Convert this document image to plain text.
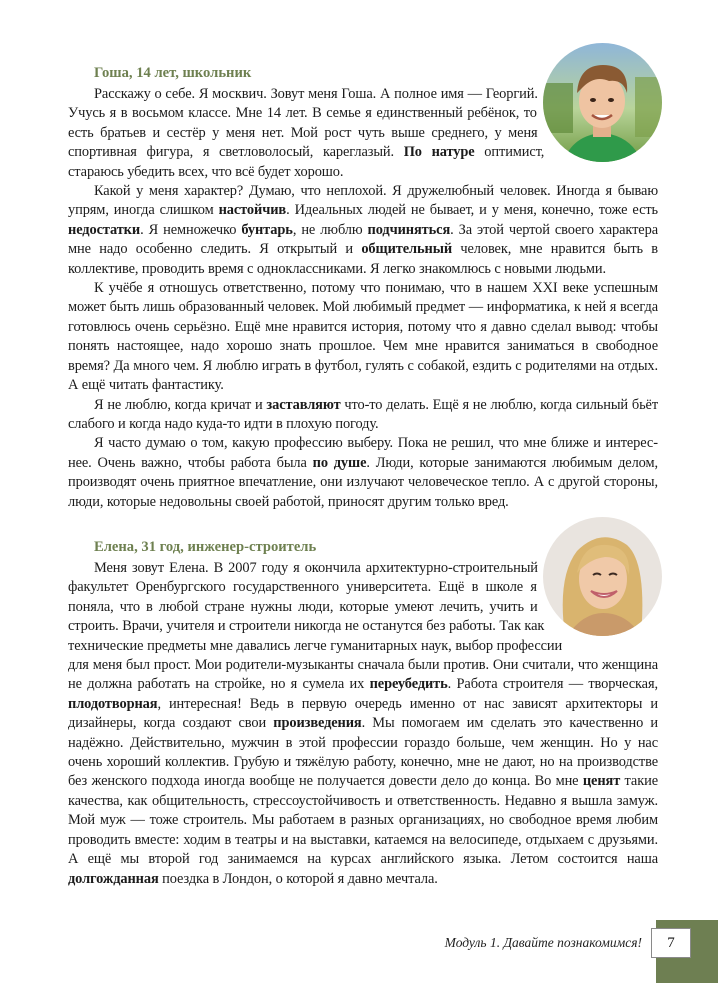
Гоша, 14 лет, школьник

Расскажу о себе. Я москвич. Зовут меня Гоша. А полное имя — Георгий. Учусь я в восьмом классе. Мне 14 лет. В семье я единственный ребёнок, то есть братьев и сестёр у меня нет. Мой рост чуть выше среднего, у меня спортивная фигура, я светловолосый, кареглазый. По натуре оптимист, стараюсь убедить всех, что всё будет хорошо.

Какой у меня характер? Думаю, что неплохой. Я дружелюбный человек. Иногда я бываю упрям, иногда слишком настойчив. Идеальных людей не бывает, и у меня, конечно, тоже есть недостатки. Я немножечко бунтарь, не люблю подчиняться. За этой чертой своего характера мне надо особенно следить. Я открытый и общительный человек, мне нравится быть в коллективе, проводить время с одноклассниками. Я легко знакомлюсь с новыми людьми.

К учёбе я отношусь ответственно, потому что понимаю, что в нашем XXI веке успешным может быть лишь образованный человек. Мой любимый предмет — информатика, к ней я всегда готовлюсь очень серьёзно. Ещё мне нравится история, потому что я давно сделал вывод: чтобы понять настоящее, надо хорошо знать прошлое. Чем мне нравится заниматься в свободное время? Да много чем. Я люблю играть в футбол, гулять с собакой, ездить с родителями на отдых. А ещё читать фантастику.

Я не люблю, когда кричат и заставляют что-то делать. Ещё я не люблю, когда сильный бьёт слабого и когда надо куда-то идти в плохую погоду.

Я часто думаю о том, какую профессию выберу. Пока не решил, что мне ближе и интереснее. Очень важно, чтобы работа была по душе. Люди, которые занимаются любимым делом, производят очень приятное впечатление, они излучают человеческое тепло. А с другой стороны, люди, которые недовольны своей работой, приносят другим только вред.

Елена, 31 год, инженер-строитель

Меня зовут Елена. В 2007 году я окончила архитектурно-строительный факультет Оренбургского государственного университета. Ещё в школе я поняла, что в любой стране нужны люди, которые умеют лечить, учить и строить. Врачи, учителя и строители никогда не останутся без работы. Так как технические предметы мне давались легче гуманитарных наук, выбор профессии для меня был прост. Мои родители-музыканты сначала были против. Они считали, что женщина не должна работать на стройке, но я сумела их переубедить. Работа строителя — творческая, плодотворная, интересная! Ведь в первую очередь именно от нас зависят архитекторы и дизайнеры, когда создают свои произведения. Мы помогаем им сделать это качественно и надёжно. Действительно, мужчин в этой профессии гораздо больше, чем женщин. Но у нас очень хороший коллектив. Грубую и тяжёлую работу, конечно, мне не дают, но на производстве без женского подхода иногда вообще не получается довести дело до конца. Во мне ценят такие качества, как общительность, стрессоустойчивость и ответственность. Недавно я вышла замуж. Мой муж — тоже строитель. Мы работаем в разных организациях, но свободное время любим проводить вместе: ходим в театры и на выставки, катаемся на велосипеде, отдыхаем с друзьями. А ещё мы второй год занимаемся на курсах английского языка. Летом состоится наша долгожданная поездка в Лондон, о которой я давно мечтала.

Модуль 1. Давайте познакомимся!	7
